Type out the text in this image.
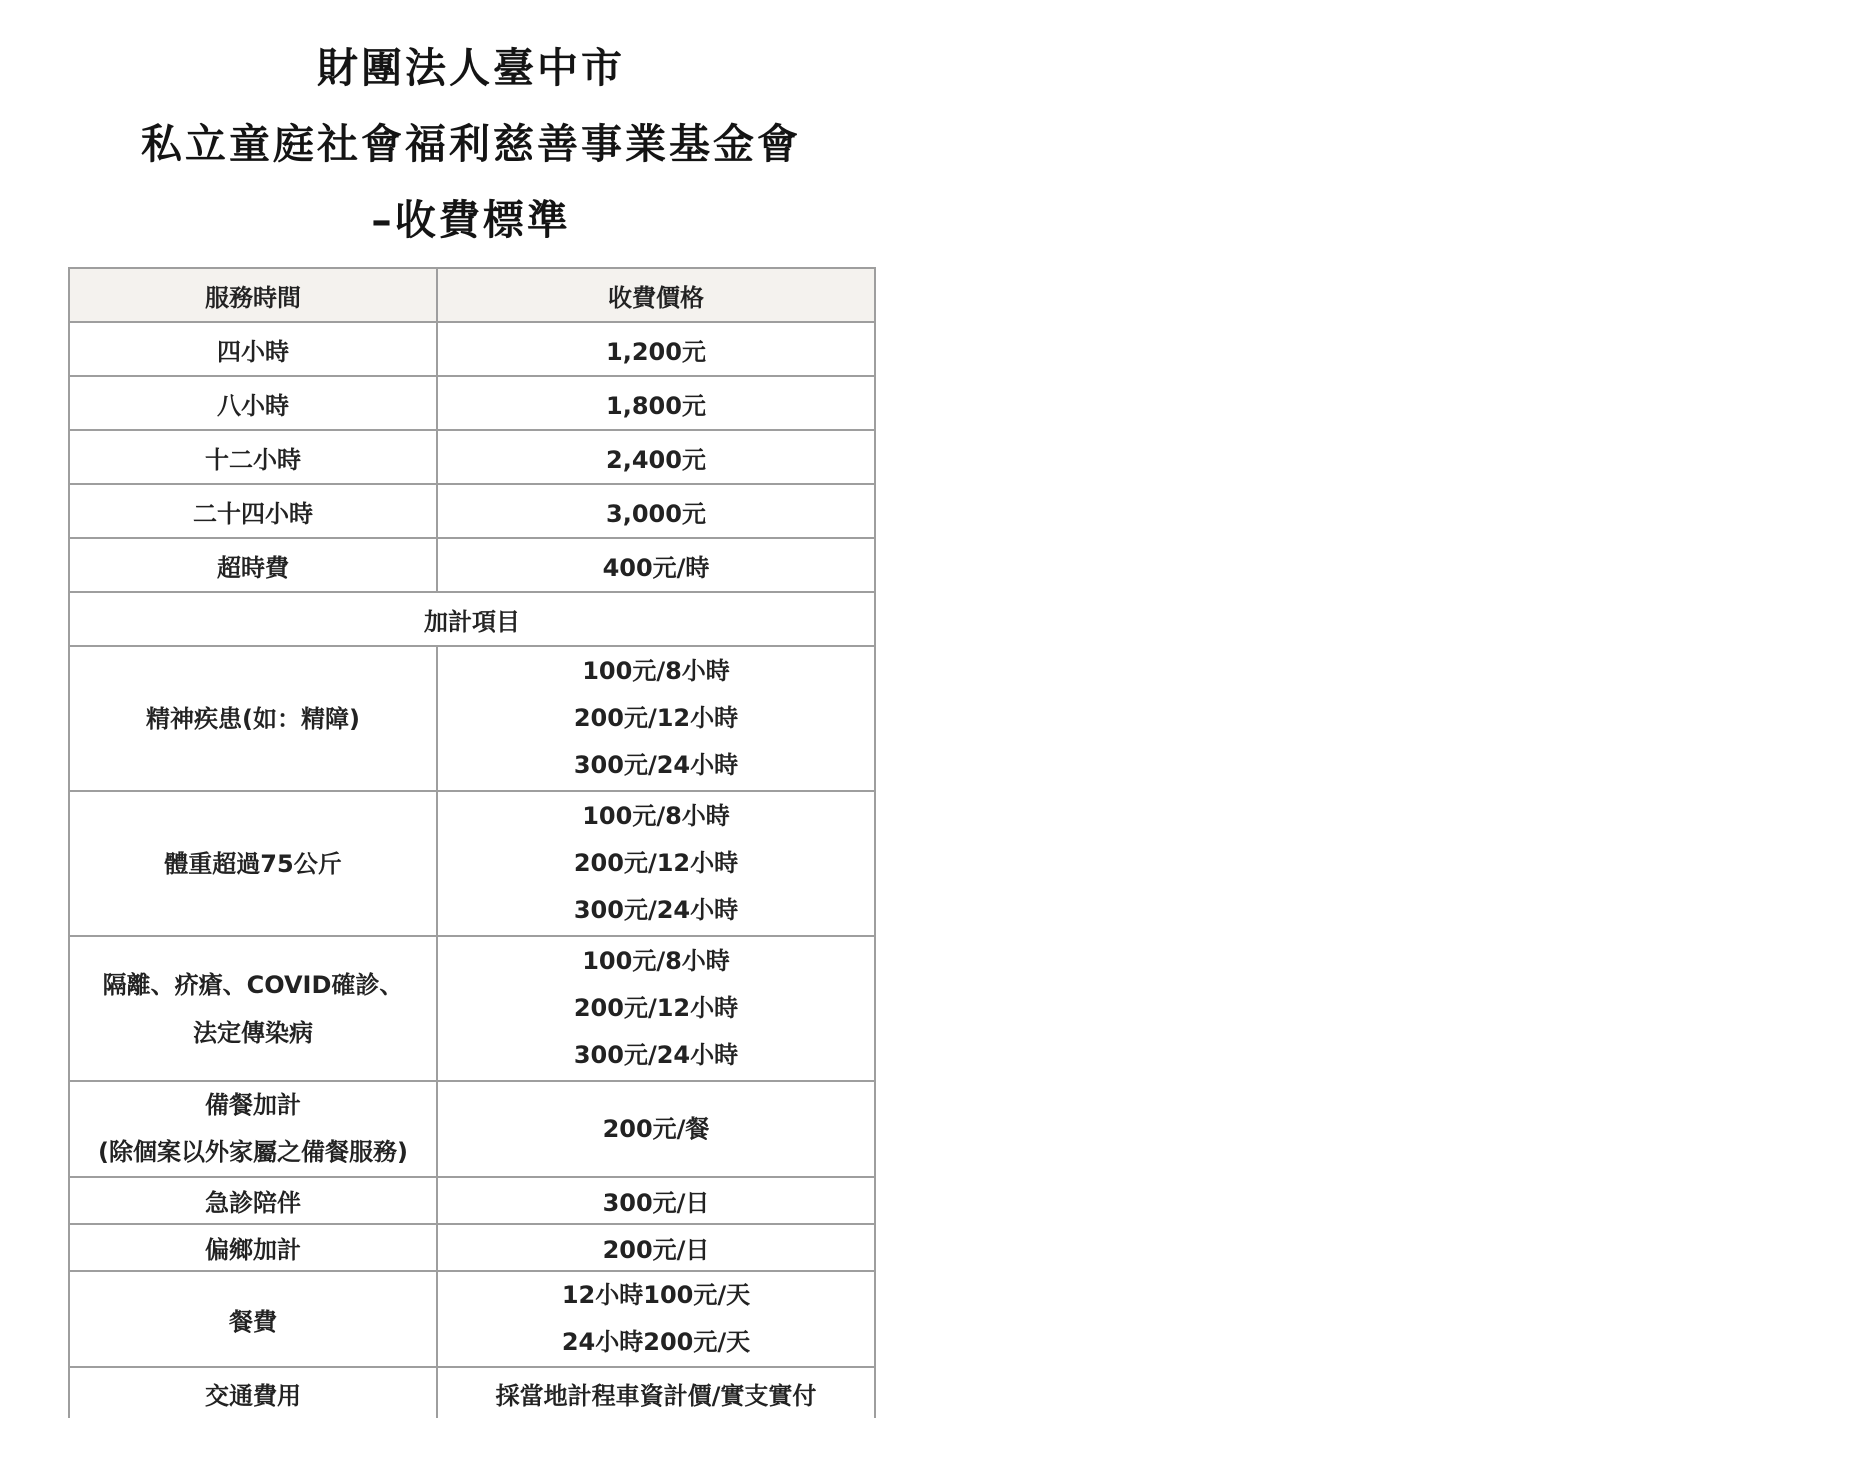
財團法人臺中市
私立童庭社會福利慈善事業基金會
–收費標準
服務時間	收費價格
四小時	1,200元
八小時	1,800元
十二小時	2,400元
二十四小時	3,000元
超時費	400元/時
加計項目	

精神疾患(如：精障)	100元/8小時
200元/12小時
300元/24小時

體重超過75公斤	100元/8小時
200元/12小時
300元/24小時

隔離、疥瘡、COVID確診、
法定傳染病	100元/8小時
200元/12小時
300元/24小時

備餐加計
(除個案以外家屬之備餐服務)	200元/餐

急診陪伴	300元/日
偏鄉加計	200元/日
餐費	12小時100元/天
24小時200元/天

交通費用	採當地計程車資計價/實支實付
